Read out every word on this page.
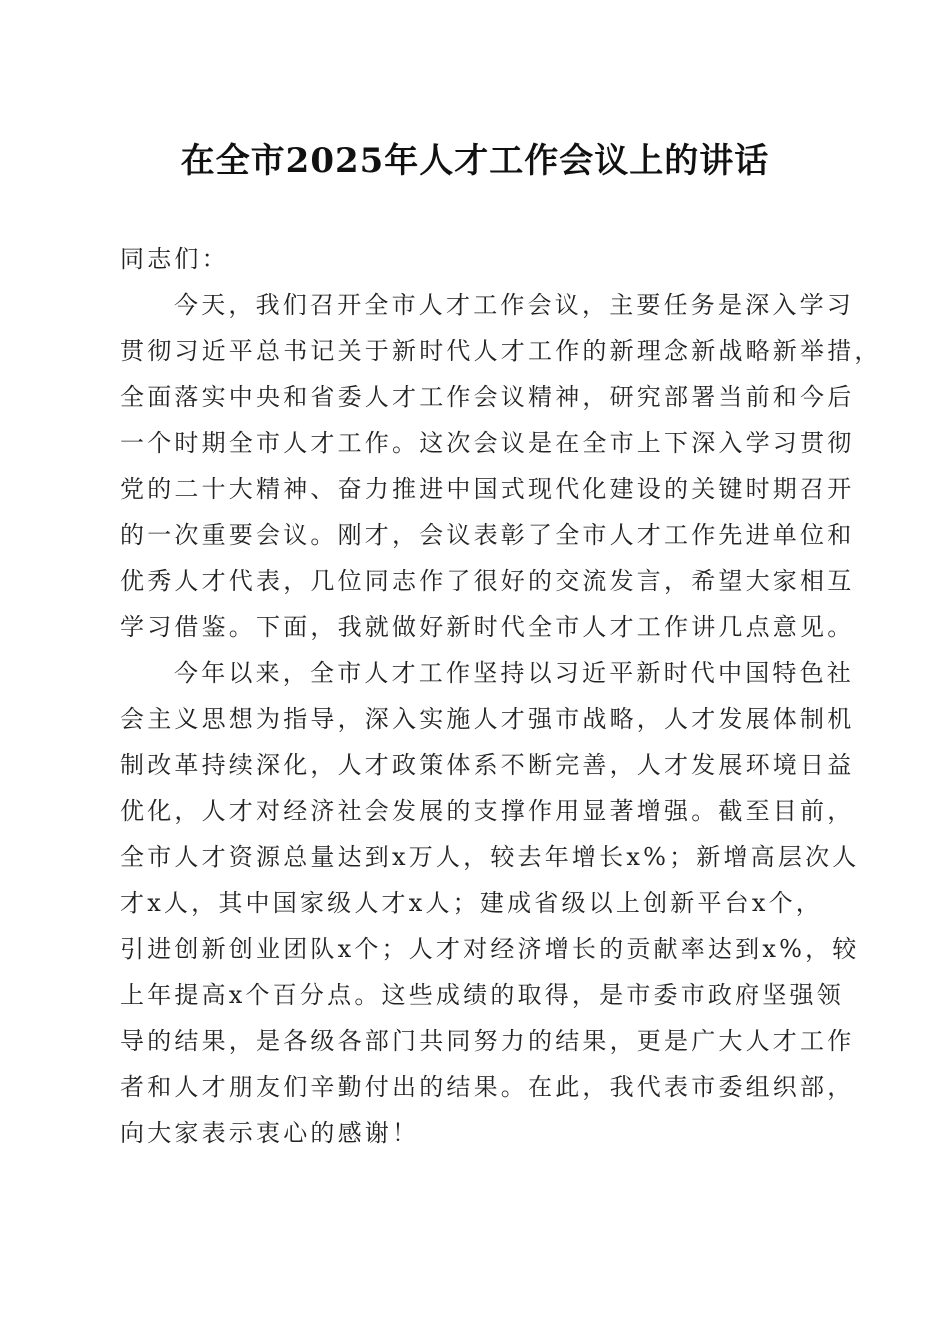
在全市2025年人才工作会议上的讲话

同志们：

今天，我们召开全市人才工作会议，主要任务是深入学习
贯彻习近平总书记关于新时代人才工作的新理念新战略新举措，
全面落实中央和省委人才工作会议精神，研究部署当前和今后
一个时期全市人才工作。这次会议是在全市上下深入学习贯彻
党的二十大精神、奋力推进中国式现代化建设的关键时期召开
的一次重要会议。刚才，会议表彰了全市人才工作先进单位和
优秀人才代表，几位同志作了很好的交流发言，希望大家相互
学习借鉴。下面，我就做好新时代全市人才工作讲几点意见。

今年以来，全市人才工作坚持以习近平新时代中国特色社
会主义思想为指导，深入实施人才强市战略，人才发展体制机
制改革持续深化，人才政策体系不断完善，人才发展环境日益
优化，人才对经济社会发展的支撑作用显著增强。截至目前，
全市人才资源总量达到x万人，较去年增长x%；新增高层次人
才x人，其中国家级人才x人；建成省级以上创新平台x个，
引进创新创业团队x个；人才对经济增长的贡献率达到x%，较
上年提高x个百分点。这些成绩的取得，是市委市政府坚强领
导的结果，是各级各部门共同努力的结果，更是广大人才工作
者和人才朋友们辛勤付出的结果。在此，我代表市委组织部，
向大家表示衷心的感谢！
